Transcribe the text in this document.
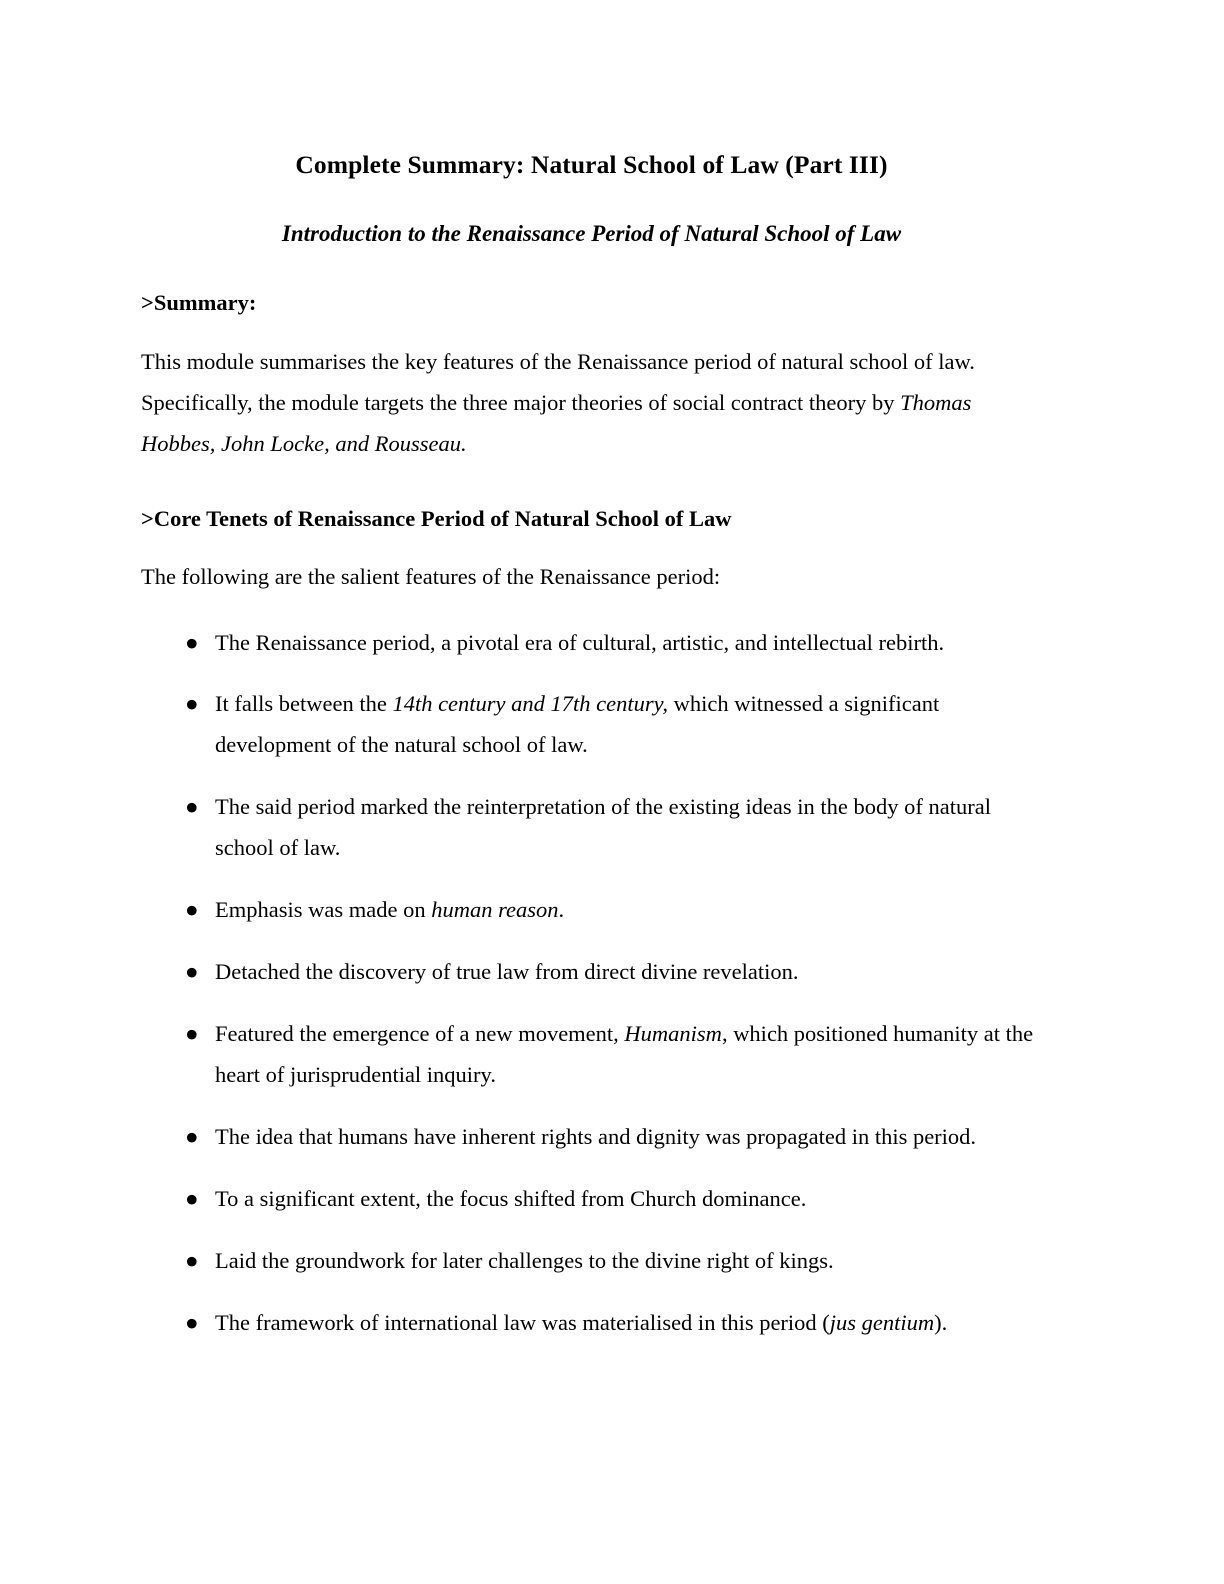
Complete Summary: Natural School of Law (Part III)
Introduction to the Renaissance Period of Natural School of Law
>Summary:

This module summarises the key features of the Renaissance period of natural school of law. Specifically, the module targets the three major theories of social contract theory by Thomas Hobbes, John Locke, and Rousseau.

>Core Tenets of Renaissance Period of Natural School of Law

The following are the salient features of the Renaissance period:

● The Renaissance period, a pivotal era of cultural, artistic, and intellectual rebirth.
● It falls between the 14th century and 17th century, which witnessed a significant development of the natural school of law.
● The said period marked the reinterpretation of the existing ideas in the body of natural school of law.
● Emphasis was made on human reason.
● Detached the discovery of true law from direct divine revelation.
● Featured the emergence of a new movement, Humanism, which positioned humanity at the heart of jurisprudential inquiry.
● The idea that humans have inherent rights and dignity was propagated in this period.
● To a significant extent, the focus shifted from Church dominance.
● Laid the groundwork for later challenges to the divine right of kings.
● The framework of international law was materialised in this period (jus gentium).
